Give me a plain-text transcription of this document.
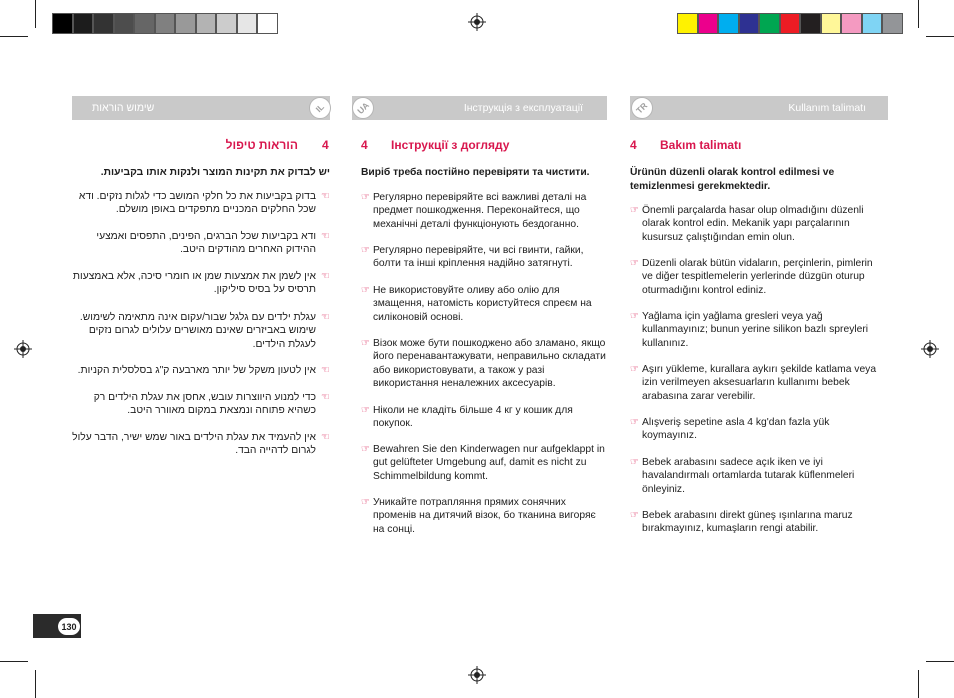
שימוש הוראות	IL	Інструкція з експлуатації
UA	Kullanım talimatı
TR
4
הוראות טיפול
יש לבדוק את תקינות המוצר ולנקות אותו בקביעות.
☜
בדוק בקביעות את כל חלקי המושב כדי לגלות נזקים. ודא שכל החלקים המכניים מתפקדים באופן מושלם.
☜
ודא בקביעות שכל הברגים, הפינים, התפסים ואמצעי ההידוק האחרים מהודקים היטב.
☜
אין לשמן את אמצעות שמן או חומרי סיכה, אלא באמצעות תרסיס על בסיס סיליקון.
☜
עגלת ילדים עם גלגל שבור/עקום אינה מתאימה לשימוש. שימוש באביזרים שאינם מאושרים עלולים לגרום נזקים לעגלת הילדים.
☜
אין לטעון משקל של יותר מארבעה ק"ג בסלסלית הקניות.
☜
כדי למנוע היווצרות עובש, אחסן את עגלת הילדים רק כשהיא פתוחה ונמצאת במקום מאוורר היטב.
☜
אין להעמיד את עגלת הילדים באור שמש ישיר, הדבר עלול לגרום לדהייה הבד.
4 Інструкції з догляду
Виріб треба постійно перевіряти та чистити.
☞ Регулярно перевіряйте всі важливі деталі на предмет пошкодження. Переконайтеся, що механічні деталі функціонують бездоганно.
☞ Регулярно перевіряйте, чи всі гвинти, гайки, болти та інші кріплення надійно затягнуті.
☞ Не використовуйте оливу або олію для змащення, натомість користуйтеся спреєм на силіконовій основі.
☞ Візок може бути пошкоджено або зламано, якщо його перенавантажувати, неправильно складати або використовувати, а також у разі використання неналежних аксесуарів.
☞ Ніколи не кладіть більше 4 кг у кошик для покупок.
☞ Bewahren Sie den Kinderwagen nur aufgeklappt in gut gelüfteter Umgebung auf, damit es nicht zu Schimmelbildung kommt.
☞ Уникайте потрапляння прямих сонячних променів на дитячий візок, бо тканина вигоряє на сонці.
4 Bakım talimatı
Ürünün düzenli olarak kontrol edilmesi ve temizlenmesi gerekmektedir.
☞ Önemli parçalarda hasar olup olmadığını düzenli olarak kontrol edin. Mekanik yapı parçalarının kusursuz çalıştığından emin olun.
☞ Düzenli olarak bütün vidaların, perçinlerin, pimlerin ve diğer tespitlemelerin yerlerinde düzgün oturup oturmadığını kontrol ediniz.
☞ Yağlama için yağlama gresleri veya yağ kullanmayınız; bunun yerine silikon bazlı spreyleri kullanınız.
☞ Aşırı yükleme, kurallara aykırı şekilde katlama veya izin verilmeyen aksesuarların kullanımı bebek arabasına zarar verebilir.
☞ Alışveriş sepetine asla 4 kg'dan fazla yük koymayınız.
☞ Bebek arabasını sadece açık iken ve iyi havalandırmalı ortamlarda tutarak küflenmeleri önleyiniz.
☞ Bebek arabasını direkt güneş ışınlarına maruz bırakmayınız, kumaşların rengi atabilir.
130
